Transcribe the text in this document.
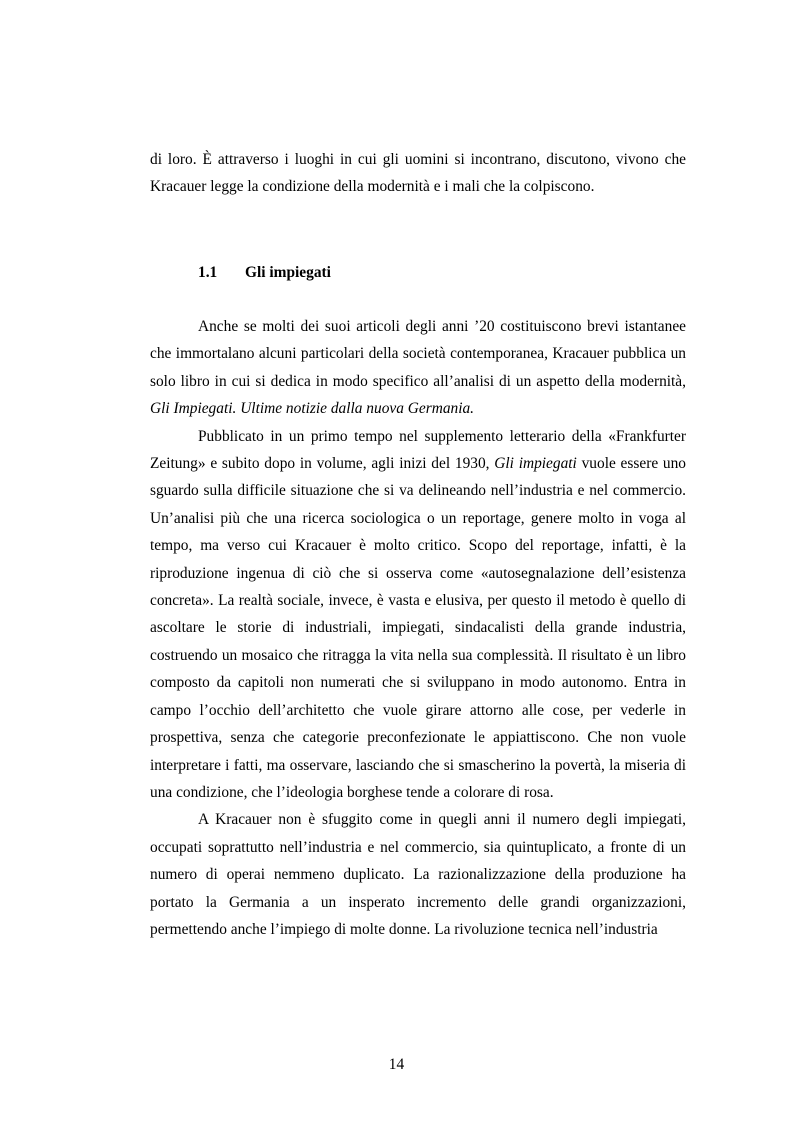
di loro. È attraverso i luoghi in cui gli uomini si incontrano, discutono, vivono che Kracauer legge la condizione della modernità e i mali che la colpiscono.

1.1 Gli impiegati

Anche se molti dei suoi articoli degli anni ’20 costituiscono brevi istantanee che immortalano alcuni particolari della società contemporanea, Kracauer pubblica un solo libro in cui si dedica in modo specifico all’analisi di un aspetto della modernità, Gli Impiegati. Ultime notizie dalla nuova Germania.

Pubblicato in un primo tempo nel supplemento letterario della «Frankfurter Zeitung» e subito dopo in volume, agli inizi del 1930, Gli impiegati vuole essere uno sguardo sulla difficile situazione che si va delineando nell’industria e nel commercio. Un’analisi più che una ricerca sociologica o un reportage, genere molto in voga al tempo, ma verso cui Kracauer è molto critico. Scopo del reportage, infatti, è la riproduzione ingenua di ciò che si osserva come «autosegnalazione dell’esistenza concreta». La realtà sociale, invece, è vasta e elusiva, per questo il metodo è quello di ascoltare le storie di industriali, impiegati, sindacalisti della grande industria, costruendo un mosaico che ritragga la vita nella sua complessità. Il risultato è un libro composto da capitoli non numerati che si sviluppano in modo autonomo. Entra in campo l’occhio dell’architetto che vuole girare attorno alle cose, per vederle in prospettiva, senza che categorie preconfezionate le appiattiscono. Che non vuole interpretare i fatti, ma osservare, lasciando che si smascherino la povertà, la miseria di una condizione, che l’ideologia borghese tende a colorare di rosa.

A Kracauer non è sfuggito come in quegli anni il numero degli impiegati, occupati soprattutto nell’industria e nel commercio, sia quintuplicato, a fronte di un numero di operai nemmeno duplicato. La razionalizzazione della produzione ha portato la Germania a un insperato incremento delle grandi organizzazioni, permettendo anche l’impiego di molte donne. La rivoluzione tecnica nell’industria

14
